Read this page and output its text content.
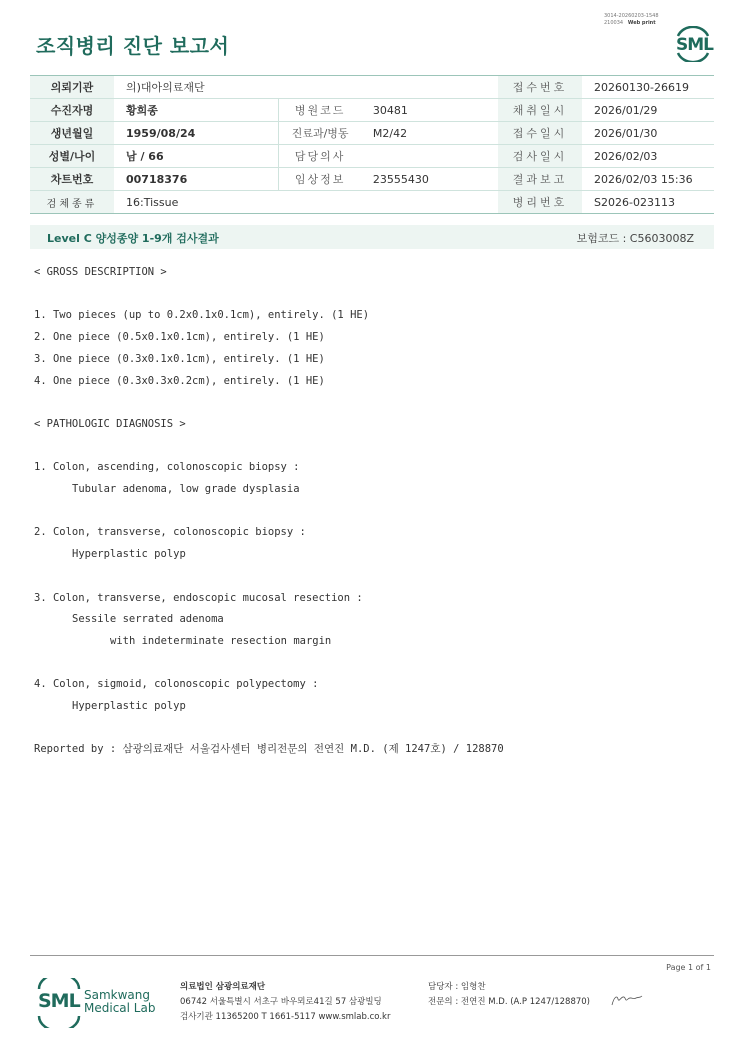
3014-20260203-1548
210034 Web print
SML
조직병리 진단 보고서
의뢰기관	의)대아의료재단			접수번호	20260130-26619
수진자명	황희종	병원코드	30481	채취일시	2026/01/29
생년월일	1959/08/24	진료과/병동	M2/42	접수일시	2026/01/30
성별/나이	남 / 66	담당의사		검사일시	2026/02/03
차트번호	00718376	임상정보	23555430	결과보고	2026/02/03 15:36
검체종류	16:Tissue			병리번호	S2026-023113
Level C 양성종양 1-9개 검사결과	보험코드 : C5603008Z
< GROSS DESCRIPTION >

1. Two pieces (up to 0.2x0.1x0.1cm), entirely. (1 HE)
2. One piece (0.5x0.1x0.1cm), entirely. (1 HE)
3. One piece (0.3x0.1x0.1cm), entirely. (1 HE)
4. One piece (0.3x0.3x0.2cm), entirely. (1 HE)

< PATHOLOGIC DIAGNOSIS >

1. Colon, ascending, colonoscopic biopsy :
Tubular adenoma, low grade dysplasia

2. Colon, transverse, colonoscopic biopsy :
Hyperplastic polyp

3. Colon, transverse, endoscopic mucosal resection :
Sessile serrated adenoma
with indeterminate resection margin

4. Colon, sigmoid, colonoscopic polypectomy :
Hyperplastic polyp

Reported by : 삼광의료재단 서울검사센터 병리전문의 전연진 M.D. (제 1247호) / 128870
Page 1 of 1
SML Samkwang
Medical Lab
의료법인 삼광의료재단
06742 서울특별시 서초구 바우뫼로41길 57 삼광빌딩
검사기관 11365200 T 1661-5117 www.smlab.co.kr
담당자 : 임형찬
전문의 : 전연진 M.D. (A.P 1247/128870)
